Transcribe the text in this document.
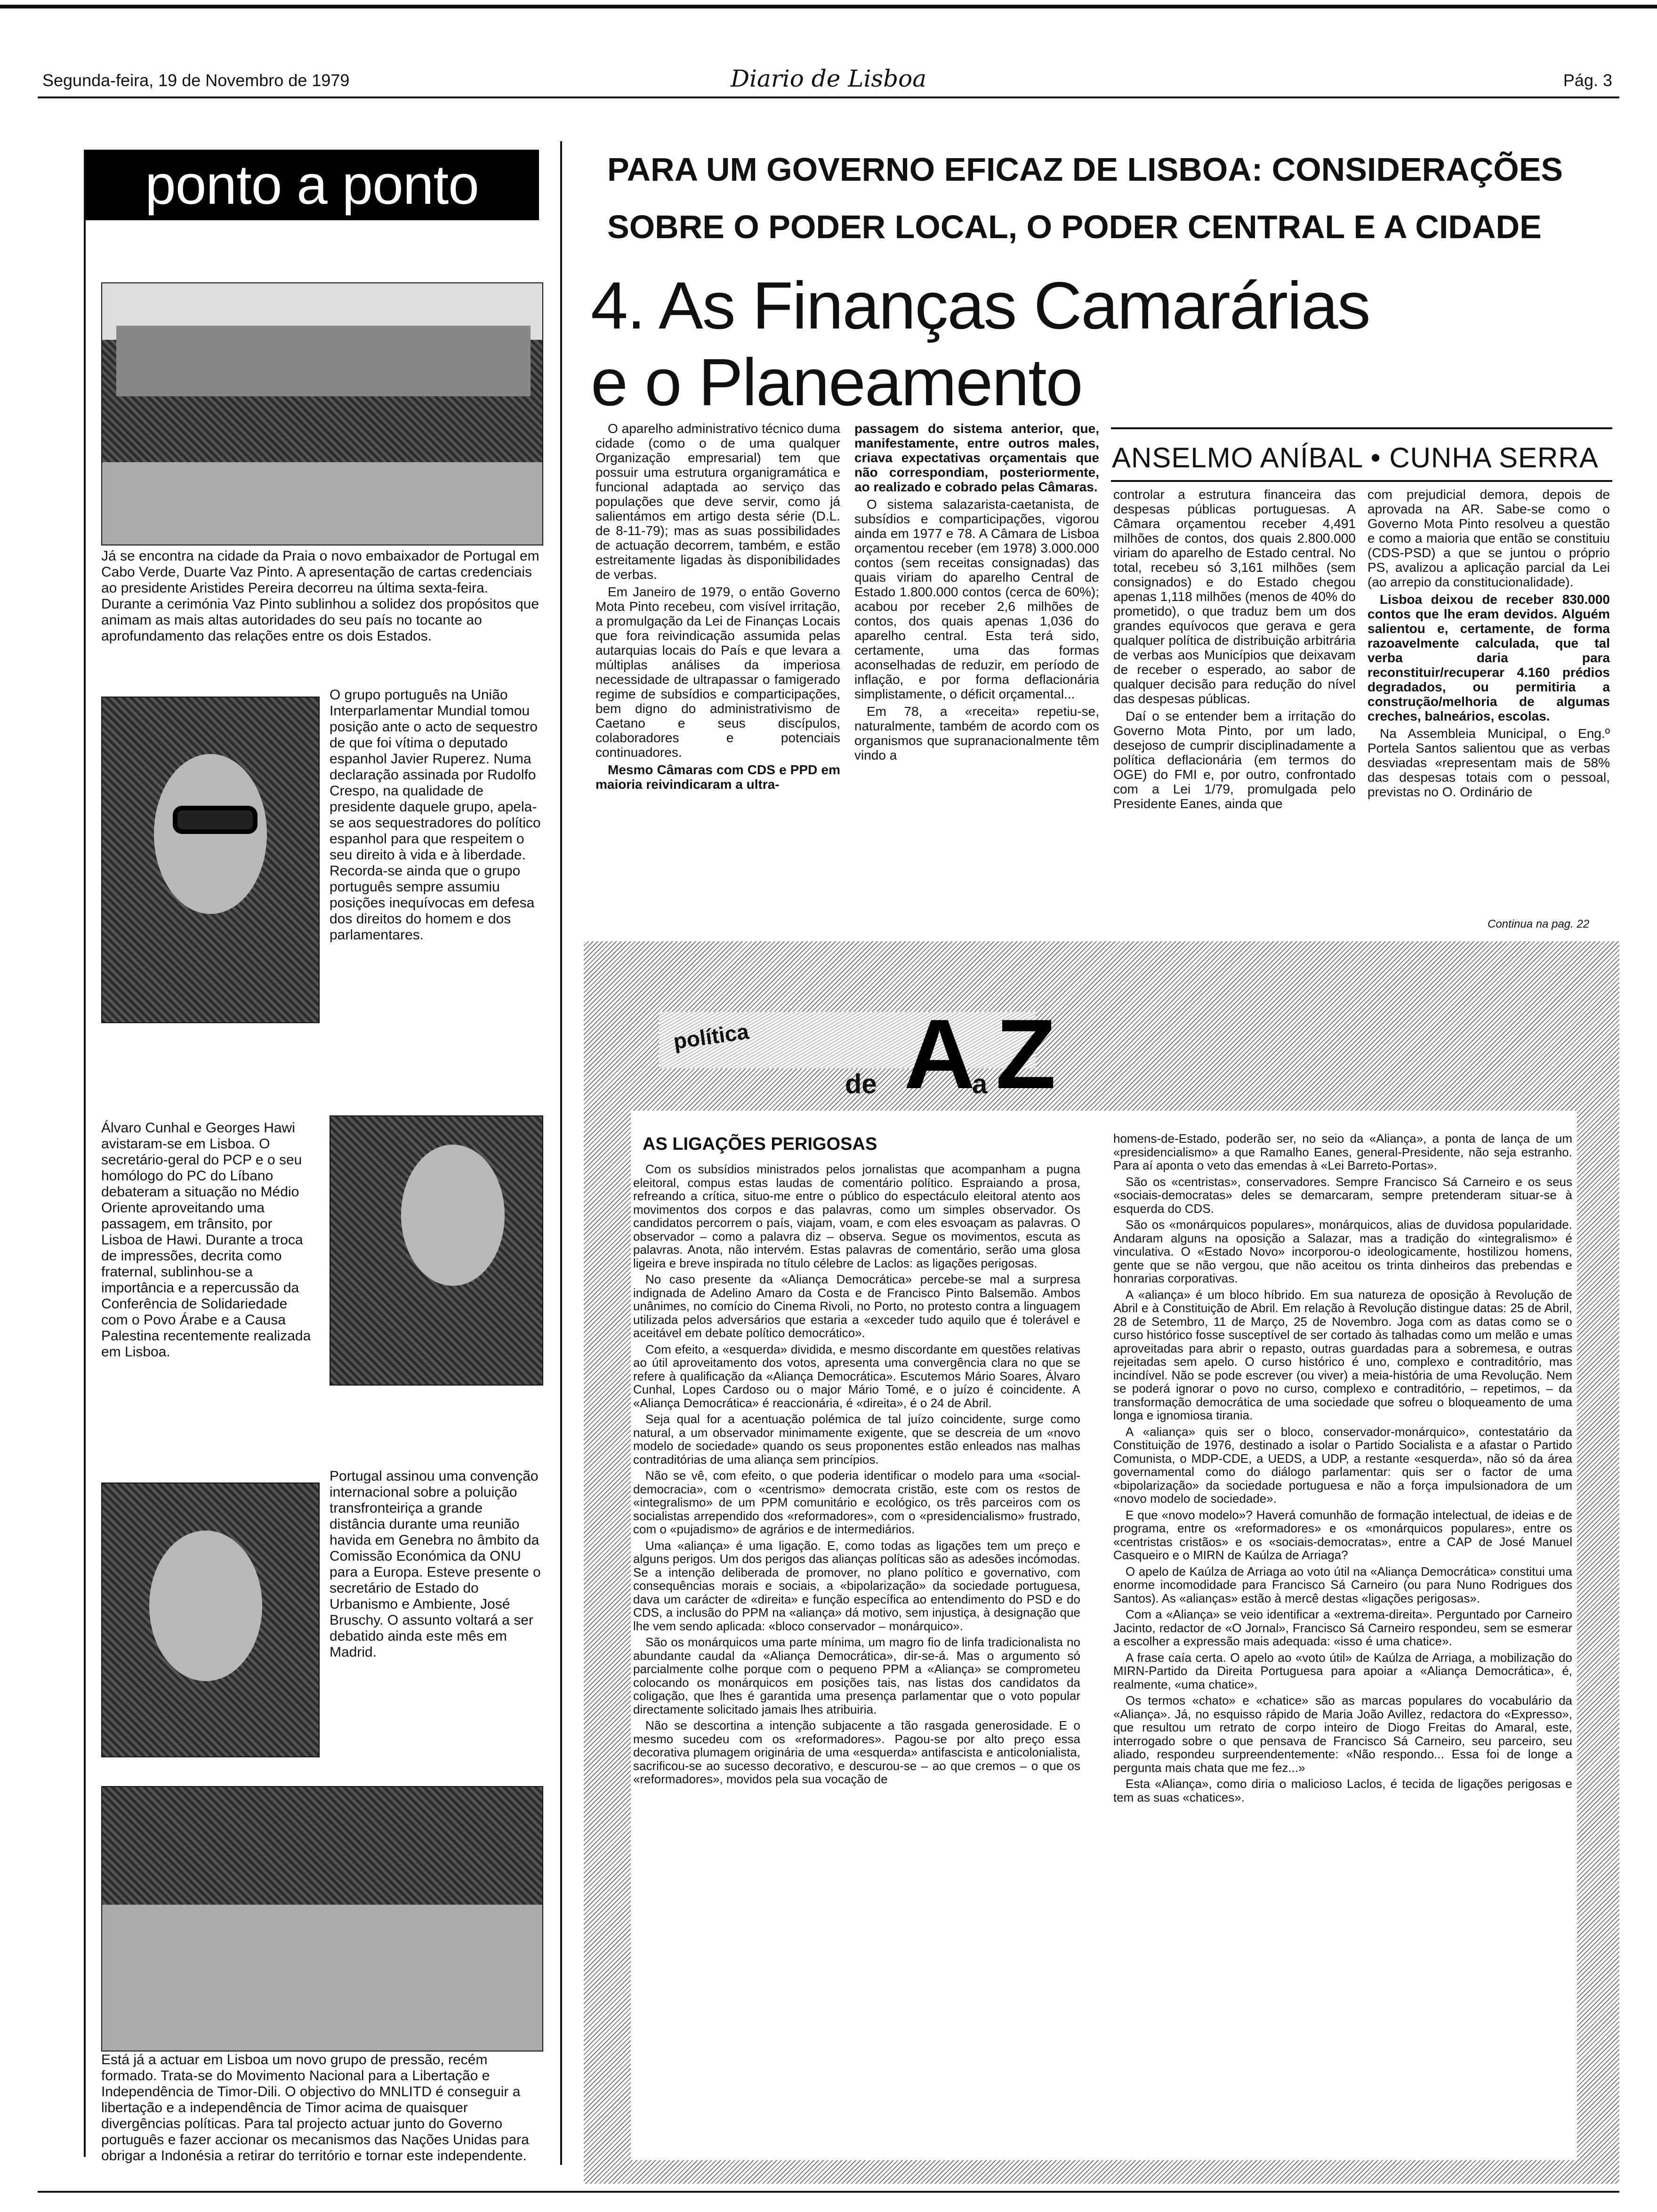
Segunda-feira, 19 de Novembro de 1979	Diario de Lisboa	Pág. 3
ponto a ponto
Já se encontra na cidade da Praia o novo embaixador de Portugal em Cabo Verde, Duarte Vaz Pinto. A apresentação de cartas credenciais ao presidente Aristides Pereira decorreu na última sexta-feira. Durante a cerimónia Vaz Pinto sublinhou a solidez dos propósitos que animam as mais altas autoridades do seu país no tocante ao aprofundamento das relações entre os dois Estados.
O grupo português na União Interparlamentar Mundial tomou posição ante o acto de sequestro de que foi vítima o deputado espanhol Javier Ruperez. Numa declaração assinada por Rudolfo Crespo, na qualidade de presidente daquele grupo, apela-se aos sequestradores do político espanhol para que respeitem o seu direito à vida e à liberdade. Recorda-se ainda que o grupo português sempre assumiu posições inequívocas em defesa dos direitos do homem e dos parlamentares.
Álvaro Cunhal e Georges Hawi avistaram-se em Lisboa. O secretário-geral do PCP e o seu homólogo do PC do Líbano debateram a situação no Médio Oriente aproveitando uma passagem, em trânsito, por Lisboa de Hawi. Durante a troca de impressões, decrita como fraternal, sublinhou-se a importância e a repercussão da Conferência de Solidariedade com o Povo Árabe e a Causa Palestina recentemente realizada em Lisboa.
Portugal assinou uma convenção internacional sobre a poluição transfronteiriça a grande distância durante uma reunião havida em Genebra no âmbito da Comissão Económica da ONU para a Europa. Esteve presente o secretário de Estado do Urbanismo e Ambiente, José Bruschy. O assunto voltará a ser debatido ainda este mês em Madrid.
Está já a actuar em Lisboa um novo grupo de pressão, recém formado. Trata-se do Movimento Nacional para a Libertação e Independência de Timor-Dili. O objectivo do MNLITD é conseguir a libertação e a independência de Timor acima de quaisquer divergências políticas. Para tal projecto actuar junto do Governo português e fazer accionar os mecanismos das Nações Unidas para obrigar a Indonésia a retirar do território e tornar este independente.
PARA UM GOVERNO EFICAZ DE LISBOA: CONSIDERAÇÕES
SOBRE O PODER LOCAL, O PODER CENTRAL E A CIDADE
4. As Finanças Camarárias
e o Planeamento
ANSELMO ANÍBAL • CUNHA SERRA

O aparelho administrativo técnico duma cidade (como o de uma qualquer Organização empresarial) tem que possuir uma estrutura organigramática e funcional adaptada ao serviço das populações que deve servir, como já salientámos em artigo desta série (D.L. de 8-11-79); mas as suas possibilidades de actuação decorrem, também, e estão estreitamente ligadas às disponibilidades de verbas.

Em Janeiro de 1979, o então Governo Mota Pinto recebeu, com visível irritação, a promulgação da Lei de Finanças Locais que fora reivindicação assumida pelas autarquias locais do País e que levara a múltiplas análises da imperiosa necessidade de ultrapassar o famigerado regime de subsídios e comparticipações, bem digno do administrativismo de Caetano e seus discípulos, colaboradores e potenciais continuadores.

Mesmo Câmaras com CDS e PPD em maioria reivindicaram a ultra-

passagem do sistema anterior, que, manifestamente, entre outros males, criava expectativas orçamentais que não correspondiam, posteriormente, ao realizado e cobrado pelas Câmaras.

O sistema salazarista-caetanista, de subsídios e comparticipações, vigorou ainda em 1977 e 78. A Câmara de Lisboa orçamentou receber (em 1978) 3.000.000 contos (sem receitas consignadas) das quais viriam do aparelho Central de Estado 1.800.000 contos (cerca de 60%); acabou por receber 2,6 milhões de contos, dos quais apenas 1,036 do aparelho central. Esta terá sido, certamente, uma das formas aconselhadas de reduzir, em período de inflação, e por forma deflacionária simplistamente, o déficit orçamental...

Em 78, a «receita» repetiu-se, naturalmente, também de acordo com os organismos que supranacionalmente têm vindo a

controlar a estrutura financeira das despesas públicas portuguesas. A Câmara orçamentou receber 4,491 milhões de contos, dos quais 2.800.000 viriam do aparelho de Estado central. No total, recebeu só 3,161 milhões (sem consignados) e do Estado chegou apenas 1,118 milhões (menos de 40% do prometido), o que traduz bem um dos grandes equívocos que gerava e gera qualquer política de distribuição arbitrária de verbas aos Municípios que deixavam de receber o esperado, ao sabor de qualquer decisão para redução do nível das despesas públicas.

Daí o se entender bem a irritação do Governo Mota Pinto, por um lado, desejoso de cumprir disciplinadamente a política deflacionária (em termos do OGE) do FMI e, por outro, confrontado com a Lei 1/79, promulgada pelo Presidente Eanes, ainda que

com prejudicial demora, depois de aprovada na AR. Sabe-se como o Governo Mota Pinto resolveu a questão e como a maioria que então se constituiu (CDS-PSD) a que se juntou o próprio PS, avalizou a aplicação parcial da Lei (ao arrepio da constitucionalidade).

Lisboa deixou de receber 830.000 contos que lhe eram devidos. Alguém salientou e, certamente, de forma razoavelmente calculada, que tal verba daria para reconstituir/recuperar 4.160 prédios degradados, ou permitiria a construção/melhoria de algumas creches, balneários, escolas.

Na Assembleia Municipal, o Eng.º Portela Santos salientou que as verbas desviadas «representam mais de 58% das despesas totais com o pessoal, previstas no O. Ordinário de

Continua na pag. 22
política
de A
a Z
AS LIGAÇÕES PERIGOSAS

Com os subsídios ministrados pelos jornalistas que acompanham a pugna eleitoral, compus estas laudas de comentário político. Espraiando a prosa, refreando a crítica, situo-me entre o público do espectáculo eleitoral atento aos movimentos dos corpos e das palavras, como um simples observador. Os candidatos percorrem o país, viajam, voam, e com eles esvoaçam as palavras. O observador – como a palavra diz – observa. Segue os movimentos, escuta as palavras. Anota, não intervém. Estas palavras de comentário, serão uma glosa ligeira e breve inspirada no título célebre de Laclos: as ligações perigosas.

No caso presente da «Aliança Democrática» percebe-se mal a surpresa indignada de Adelino Amaro da Costa e de Francisco Pinto Balsemão. Ambos unânimes, no comício do Cinema Rivoli, no Porto, no protesto contra a linguagem utilizada pelos adversários que estaria a «exceder tudo aquilo que é tolerável e aceitável em debate político democrático».

Com efeito, a «esquerda» dividida, e mesmo discordante em questões relativas ao útil aproveitamento dos votos, apresenta uma convergência clara no que se refere à qualificação da «Aliança Democrática». Escutemos Mário Soares, Álvaro Cunhal, Lopes Cardoso ou o major Mário Tomé, e o juízo é coincidente. A «Aliança Democrática» é reaccionária, é «direita», é o 24 de Abril.

Seja qual for a acentuação polémica de tal juízo coincidente, surge como natural, a um observador minimamente exigente, que se descreia de um «novo modelo de sociedade» quando os seus proponentes estão enleados nas malhas contraditórias de uma aliança sem princípios.

Não se vê, com efeito, o que poderia identificar o modelo para uma «social-democracia», com o «centrismo» democrata cristão, este com os restos de «integralismo» de um PPM comunitário e ecológico, os três parceiros com os socialistas arrependido dos «reformadores», com o «presidencialismo» frustrado, com o «pujadismo» de agrários e de intermediários.

Uma «aliança» é uma ligação. E, como todas as ligações tem um preço e alguns perigos. Um dos perigos das alianças políticas são as adesões incómodas. Se a intenção deliberada de promover, no plano político e governativo, com consequências morais e sociais, a «bipolarização» da sociedade portuguesa, dava um carácter de «direita» e função específica ao entendimento do PSD e do CDS, a inclusão do PPM na «aliança» dá motivo, sem injustiça, à designação que lhe vem sendo aplicada: «bloco conservador – monárquico».

São os monárquicos uma parte mínima, um magro fio de linfa tradicionalista no abundante caudal da «Aliança Democrática», dir-se-á. Mas o argumento só parcialmente colhe porque com o pequeno PPM a «Aliança» se comprometeu colocando os monárquicos em posições tais, nas listas dos candidatos da coligação, que lhes é garantida uma presença parlamentar que o voto popular directamente solicitado jamais lhes atribuiria.

Não se descortina a intenção subjacente a tão rasgada generosidade. E o mesmo sucedeu com os «reformadores». Pagou-se por alto preço essa decorativa plumagem originária de uma «esquerda» antifascista e anticolonialista, sacrificou-se ao sucesso decorativo, e descurou-se – ao que cremos – o que os «reformadores», movidos pela sua vocação de

homens-de-Estado, poderão ser, no seio da «Aliança», a ponta de lança de um «presidencialismo» a que Ramalho Eanes, general-Presidente, não seja estranho. Para aí aponta o veto das emendas à «Lei Barreto-Portas».

São os «centristas», conservadores. Sempre Francisco Sá Carneiro e os seus «sociais-democratas» deles se demarcaram, sempre pretenderam situar-se à esquerda do CDS.

São os «monárquicos populares», monárquicos, alias de duvidosa popularidade. Andaram alguns na oposição a Salazar, mas a tradição do «integralismo» é vinculativa. O «Estado Novo» incorporou-o ideologicamente, hostilizou homens, gente que se não vergou, que não aceitou os trinta dinheiros das prebendas e honrarias corporativas.

A «aliança» é um bloco híbrido. Em sua natureza de oposição à Revolução de Abril e à Constituição de Abril. Em relação à Revolução distingue datas: 25 de Abril, 28 de Setembro, 11 de Março, 25 de Novembro. Joga com as datas como se o curso histórico fosse susceptível de ser cortado às talhadas como um melão e umas aproveitadas para abrir o repasto, outras guardadas para a sobremesa, e outras rejeitadas sem apelo. O curso histórico é uno, complexo e contraditório, mas incindível. Não se pode escrever (ou viver) a meia-história de uma Revolução. Nem se poderá ignorar o povo no curso, complexo e contraditório, – repetimos, – da transformação democrática de uma sociedade que sofreu o bloqueamento de uma longa e ignomiosa tirania.

A «aliança» quis ser o bloco, conservador-monárquico», contestatário da Constituição de 1976, destinado a isolar o Partido Socialista e a afastar o Partido Comunista, o MDP-CDE, a UEDS, a UDP, a restante «esquerda», não só da área governamental como do diálogo parlamentar: quis ser o factor de uma «bipolarização» da sociedade portuguesa e não a força impulsionadora de um «novo modelo de sociedade».

E que «novo modelo»? Haverá comunhão de formação intelectual, de ideias e de programa, entre os «reformadores» e os «monárquicos populares», entre os «centristas cristãos» e os «sociais-democratas», entre a CAP de José Manuel Casqueiro e o MIRN de Kaúlza de Arriaga?

O apelo de Kaúlza de Arriaga ao voto útil na «Aliança Democrática» constitui uma enorme incomodidade para Francisco Sá Carneiro (ou para Nuno Rodrigues dos Santos). As «alianças» estão à mercê destas «ligações perigosas».

Com a «Aliança» se veio identificar a «extrema-direita». Perguntado por Carneiro Jacinto, redactor de «O Jornal», Francisco Sá Carneiro respondeu, sem se esmerar a escolher a expressão mais adequada: «isso é uma chatice».

A frase caía certa. O apelo ao «voto útil» de Kaúlza de Arriaga, a mobilização do MIRN-Partido da Direita Portuguesa para apoiar a «Aliança Democrática», é, realmente, «uma chatice».

Os termos «chato» e «chatice» são as marcas populares do vocabulário da «Aliança». Já, no esquisso rápido de Maria João Avillez, redactora do «Expresso», que resultou um retrato de corpo inteiro de Diogo Freitas do Amaral, este, interrogado sobre o que pensava de Francisco Sá Carneiro, seu parceiro, seu aliado, respondeu surpreendentemente: «Não respondo... Essa foi de longe a pergunta mais chata que me fez...»

Esta «Aliança», como diria o malicioso Laclos, é tecida de ligações perigosas e tem as suas «chatices».
